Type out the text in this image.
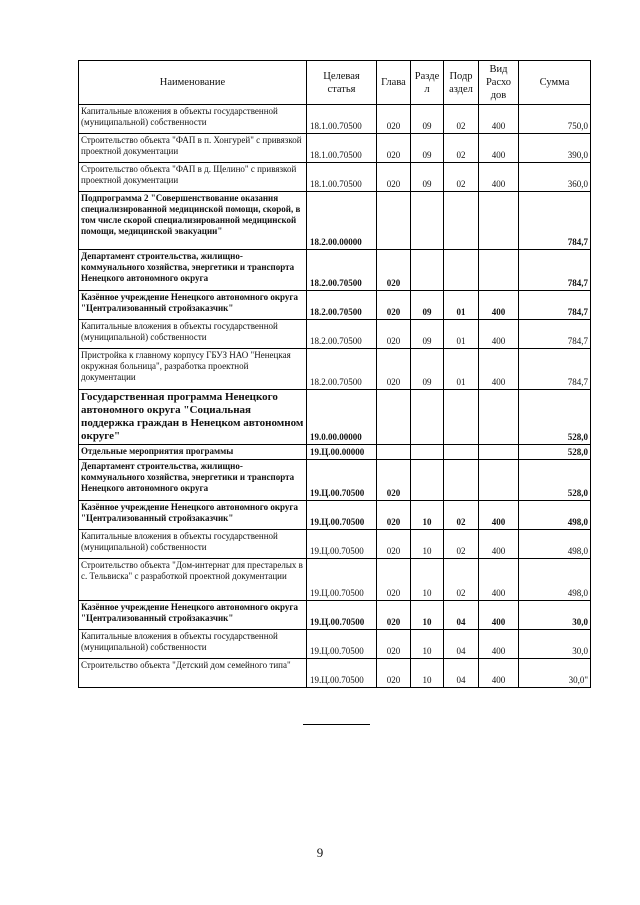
Наименование	Целевая статья	Глава	Разде л	Подр аздел	Вид Расхо дов	Сумма
Капитальные вложения в объекты государственной (муниципальной) собственности	18.1.00.70500	020	09	02	400	750,0
Строительство объекта "ФАП в п. Хонгурей" с привязкой проектной документации	18.1.00.70500	020	09	02	400	390,0
Строительство объекта "ФАП в д. Щелино" с привязкой проектной документации	18.1.00.70500	020	09	02	400	360,0
Подпрограмма 2 "Совершенствование оказания специализированной медицинской помощи, скорой, в том числе скорой специализированной медицинской помощи, медицинской эвакуации"	18.2.00.00000					784,7
Департамент строительства, жилищно-коммунального хозяйства, энергетики и транспорта Ненецкого автономного округа	18.2.00.70500	020				784,7
Казённое учреждение Ненецкого автономного округа "Централизованный стройзаказчик"	18.2.00.70500	020	09	01	400	784,7
Капитальные вложения в объекты государственной (муниципальной) собственности	18.2.00.70500	020	09	01	400	784,7
Пристройка к главному корпусу ГБУЗ НАО "Ненецкая окружная больница", разработка проектной документации	18.2.00.70500	020	09	01	400	784,7
Государственная программа Ненецкого автономного округа "Социальная поддержка граждан в Ненецком автономном округе"	19.0.00.00000					528,0
Отдельные мероприятия программы	19.Ц.00.00000					528,0
Департамент строительства, жилищно-коммунального хозяйства, энергетики и транспорта Ненецкого автономного округа	19.Ц.00.70500	020				528,0
Казённое учреждение Ненецкого автономного округа "Централизованный стройзаказчик"	19.Ц.00.70500	020	10	02	400	498,0
Капитальные вложения в объекты государственной (муниципальной) собственности	19.Ц.00.70500	020	10	02	400	498,0
Строительство объекта "Дом-интернат для престарелых в с. Тельвиска" с разработкой проектной документации	19.Ц.00.70500	020	10	02	400	498,0
Казённое учреждение Ненецкого автономного округа "Централизованный стройзаказчик"	19.Ц.00.70500	020	10	04	400	30,0
Капитальные вложения в объекты государственной (муниципальной) собственности	19.Ц.00.70500	020	10	04	400	30,0
Строительство объекта "Детский дом семейного типа"	19.Ц.00.70500	020	10	04	400	30,0"
9
